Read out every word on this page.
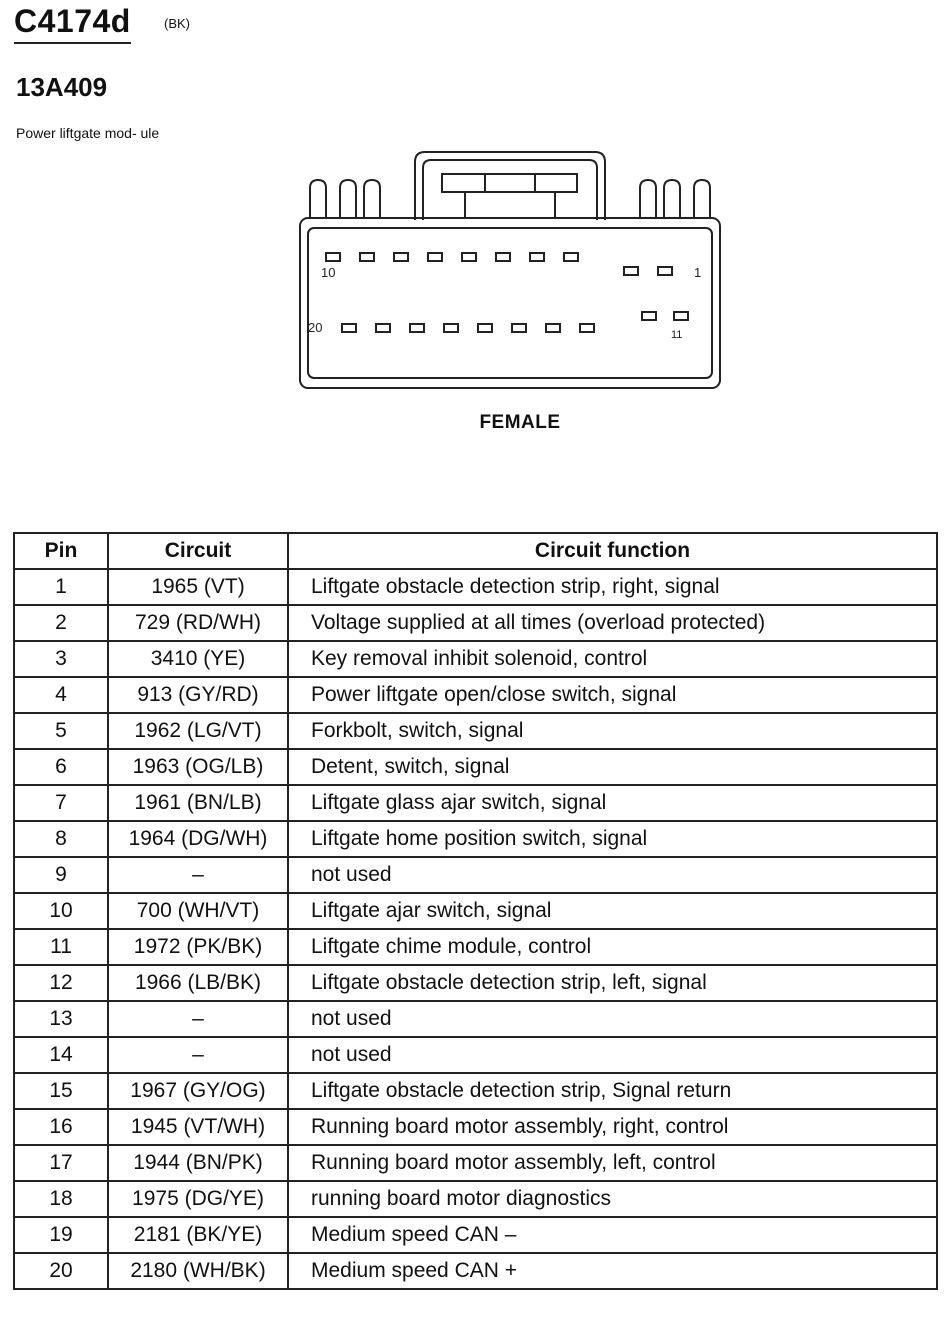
C4174d	(BK)
13A409
Power liftgate mod- ule
10	1
20	11
FEMALE
Pin	Circuit	Circuit function
1	1965 (VT)	Liftgate obstacle detection strip, right, signal
2	729 (RD/WH)	Voltage supplied at all times (overload protected)
3	3410 (YE)	Key removal inhibit solenoid, control
4	913 (GY/RD)	Power liftgate open/close switch, signal
5	1962 (LG/VT)	Forkbolt, switch, signal
6	1963 (OG/LB)	Detent, switch, signal
7	1961 (BN/LB)	Liftgate glass ajar switch, signal
8	1964 (DG/WH)	Liftgate home position switch, signal
9	–	not used
10	700 (WH/VT)	Liftgate ajar switch, signal
11	1972 (PK/BK)	Liftgate chime module, control
12	1966 (LB/BK)	Liftgate obstacle detection strip, left, signal
13	–	not used
14	–	not used
15	1967 (GY/OG)	Liftgate obstacle detection strip, Signal return
16	1945 (VT/WH)	Running board motor assembly, right, control
17	1944 (BN/PK)	Running board motor assembly, left, control
18	1975 (DG/YE)	running board motor diagnostics
19	2181 (BK/YE)	Medium speed CAN –
20	2180 (WH/BK)	Medium speed CAN +
